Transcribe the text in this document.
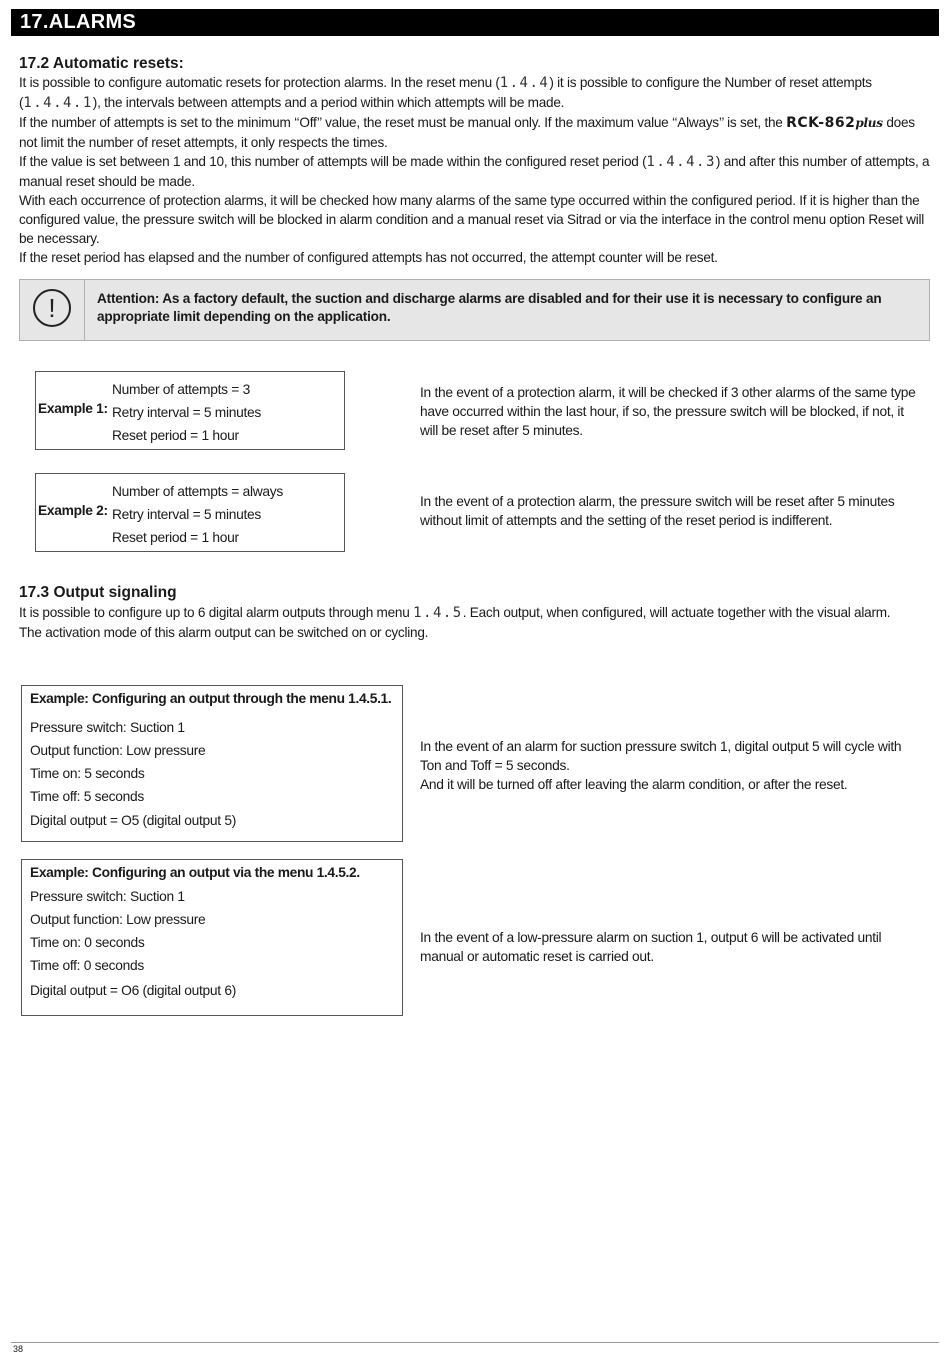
17.ALARMS
17.2 Automatic resets:

It is possible to configure automatic resets for protection alarms. In the reset menu (1.4.4) it is possible to configure the Number of reset attempts (1.4.4.1), the intervals between attempts and a period within which attempts will be made.

If the number of attempts is set to the minimum ‘‘Off’’ value, the reset must be manual only. If the maximum value ‘‘Always’’ is set, the RCK-862plus does not limit the number of reset attempts, it only respects the times.

If the value is set between 1 and 10, this number of attempts will be made within the configured reset period (1.4.4.3) and after this number of attempts, a manual reset should be made.

With each occurrence of protection alarms, it will be checked how many alarms of the same type occurred within the configured period. If it is higher than the configured value, the pressure switch will be blocked in alarm condition and a manual reset via Sitrad or via the interface in the control menu option Reset will be necessary.

If the reset period has elapsed and the number of configured attempts has not occurred, the attempt counter will be reset.

!	Attention: As a factory default, the suction and discharge alarms are disabled and for their use it is necessary to configure an appropriate limit depending on the application.
Example 1:
Number of attempts = 3
Retry interval = 5 minutes
Reset period = 1 hour
In the event of a protection alarm, it will be checked if 3 other alarms of the same type have occurred within the last hour, if so, the pressure switch will be blocked, if not, it will be reset after 5 minutes.
Example 2:
Number of attempts = always
Retry interval = 5 minutes
Reset period = 1 hour
In the event of a protection alarm, the pressure switch will be reset after 5 minutes without limit of attempts and the setting of the reset period is indifferent.
17.3 Output signaling

It is possible to configure up to 6 digital alarm outputs through menu 1.4.5. Each output, when configured, will actuate together with the visual alarm.

The activation mode of this alarm output can be switched on or cycling.

Example: Configuring an output through the menu 1.4.5.1.
Pressure switch: Suction 1
Output function: Low pressure
Time on: 5 seconds
Time off: 5 seconds
Digital output = O5 (digital output 5)
In the event of an alarm for suction pressure switch 1, digital output 5 will cycle with Ton and Toff = 5 seconds.
And it will be turned off after leaving the alarm condition, or after the reset.
Example: Configuring an output via the menu 1.4.5.2.
Pressure switch: Suction 1
Output function: Low pressure
Time on: 0 seconds
Time off: 0 seconds
Digital output = O6 (digital output 6)
In the event of a low-pressure alarm on suction 1, output 6 will be activated until manual or automatic reset is carried out.
38
